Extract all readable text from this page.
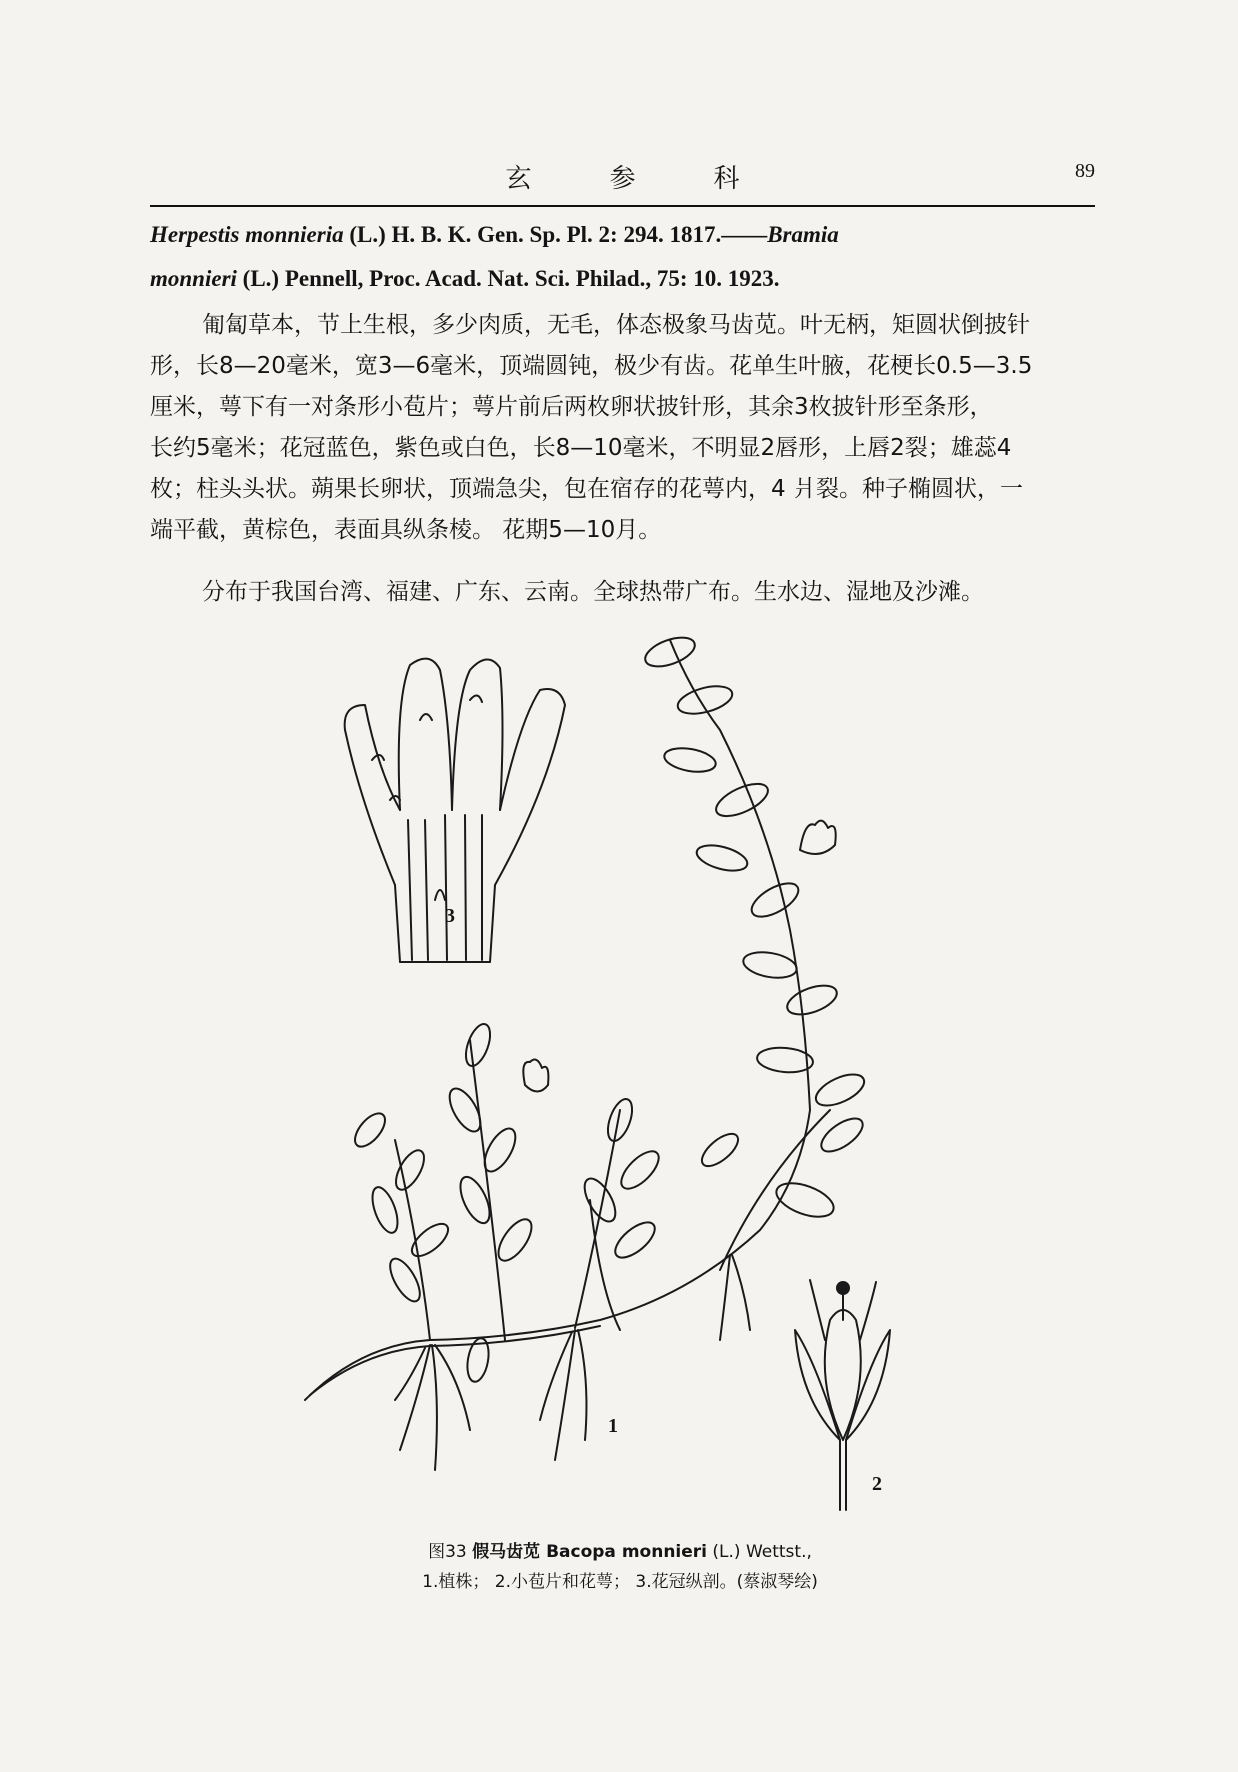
玄参科	89
Herpestis monnieria (L.) H. B. K. Gen. Sp. Pl. 2: 294. 1817.——Bramia
monnieri (L.) Pennell, Proc. Acad. Nat. Sci. Philad., 75: 10. 1923.
匍匐草本，节上生根，多少肉质，无毛，体态极象马齿苋。叶无柄，矩圆状倒披针
形，长8—20毫米，宽3—6毫米，顶端圆钝，极少有齿。花单生叶腋，花梗长0.5—3.5
厘米，萼下有一对条形小苞片；萼片前后两枚卵状披针形，其余3枚披针形至条形，
长约5毫米；花冠蓝色，紫色或白色，长8—10毫米，不明显2唇形，上唇2裂；雄蕊4
枚；柱头头状。蒴果长卵状，顶端急尖，包在宿存的花萼内，4 爿裂。种子椭圆状，一
端平截，黄棕色，表面具纵条棱。 花期5—10月。
分布于我国台湾、福建、广东、云南。全球热带广布。生水边、湿地及沙滩。
3
1
2
图33 假马齿苋 Bacopa monnieri (L.) Wettst.,
1.植株； 2.小苞片和花萼； 3.花冠纵剖。(蔡淑琴绘)
